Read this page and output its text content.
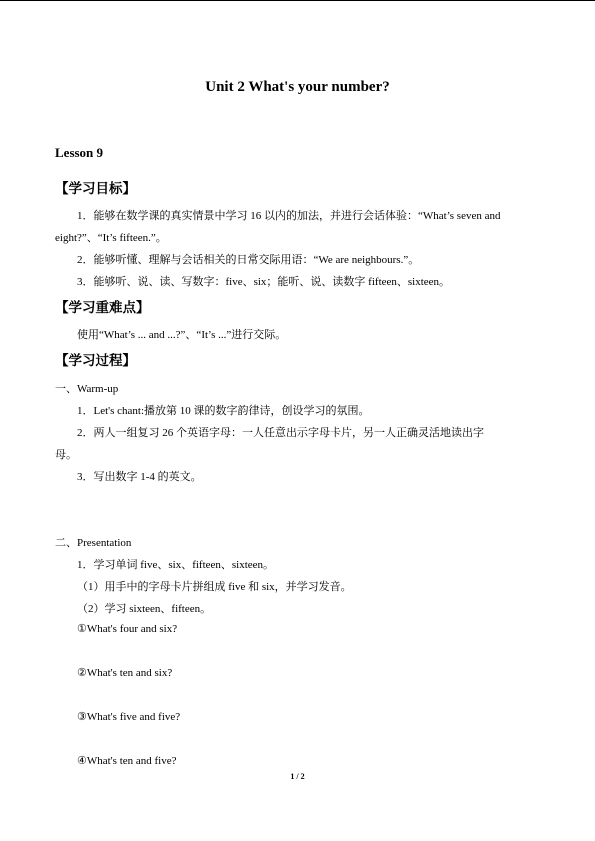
Unit 2 What's your number?
Lesson 9
【学习目标】
1．能够在数学课的真实情景中学习 16 以内的加法，并进行会话体验：“What’s seven and
eight?”、“It’s fifteen.”。
2．能够听懂、理解与会话相关的日常交际用语：“We are neighbours.”。
3．能够听、说、读、写数字：five、six；能听、说、读数字 fifteen、sixteen。
【学习重难点】
使用“What’s ... and ...?”、“It’s ...”进行交际。
【学习过程】
一、Warm-up
1．Let's chant:播放第 10 课的数字韵律诗，创设学习的氛围。
2．两人一组复习 26 个英语字母：一人任意出示字母卡片，另一人正确灵活地读出字
母。
3．写出数字 1-4 的英文。
二、Presentation
1．学习单词 five、six、fifteen、sixteen。
（1）用手中的字母卡片拼组成 five 和 six，并学习发音。
（2）学习 sixteen、fifteen。
①What's four and six?
②What's ten and six?
③What's five and five?
④What's ten and five?
1 / 2
